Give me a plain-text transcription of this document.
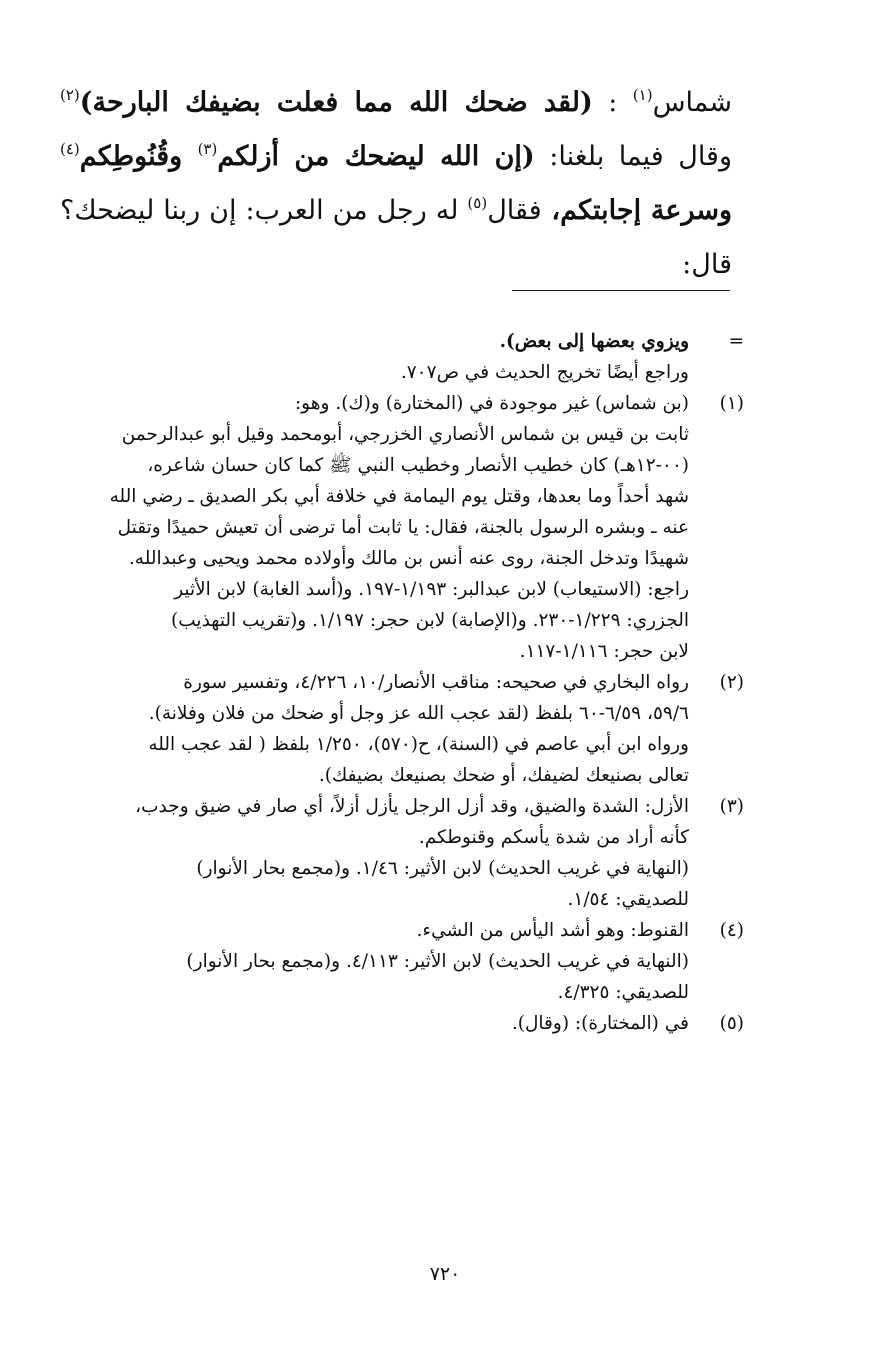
شماس$^{(١)}$ : (لقد ضحك الله مما فعلت بضيفك البارحة)$^{(٢)}$ وقال فيما بلغنا: (إن الله ليضحك من أزلكم$^{(٣)}$ وقُنُوطِكم$^{(٤)}$ وسرعة إجابتكم، فقال$^{(٥)}$ له رجل من العرب: إن ربنا ليضحك؟ قال:
=
ويزوي بعضها إلى بعض).
وراجع أيضًا تخريج الحديث في ص٧٠٧.
(١)
(بن شماس) غير موجودة في (المختارة) و(ك). وهو:
ثابت بن قيس بن شماس الأنصاري الخزرجي، أبومحمد وقيل أبو عبدالرحمن
(٠٠-١٢هـ) كان خطيب الأنصار وخطيب النبي ﷺ كما كان حسان شاعره،
شهد أحداً وما بعدها، وقتل يوم اليمامة في خلافة أبي بكر الصديق ـ رضي الله
عنه ـ وبشره الرسول بالجنة، فقال: يا ثابت أما ترضى أن تعيش حميدًا وتقتل
شهيدًا وتدخل الجنة، روى عنه أنس بن مالك وأولاده محمد ويحيى وعبدالله.
راجع: (الاستيعاب) لابن عبدالبر: ١/١٩٣-١٩٧. و(أسد الغابة) لابن الأثير
الجزري: ١/٢٢٩-٢٣٠. و(الإصابة) لابن حجر: ١/١٩٧. و(تقريب التهذيب)
لابن حجر: ١/١١٦-١١٧.
(٢)
رواه البخاري في صحيحه: مناقب الأنصار/١٠، ٤/٢٢٦، وتفسير سورة
٥٩/٦، ٦/٥٩-٦٠ بلفظ (لقد عجب الله عز وجل أو ضحك من فلان وفلانة).
ورواه ابن أبي عاصم في (السنة)، ح(٥٧٠)، ١/٢٥٠ بلفظ ( لقد عجب الله
تعالى بصنيعك لضيفك، أو ضحك بصنيعك بضيفك).
(٣)
الأزل: الشدة والضيق، وقد أزل الرجل يأزل أزلاً، أي صار في ضيق وجدب،
كأنه أراد من شدة يأسكم وقنوطكم.
(النهاية في غريب الحديث) لابن الأثير: ١/٤٦. و(مجمع بحار الأنوار)
للصديقي: ١/٥٤.
(٤)
القنوط: وهو أشد اليأس من الشيء.
(النهاية في غريب الحديث) لابن الأثير: ٤/١١٣. و(مجمع بحار الأنوار)
للصديقي: ٤/٣٢٥.
(٥)
في (المختارة): (وقال).
٧٢٠
